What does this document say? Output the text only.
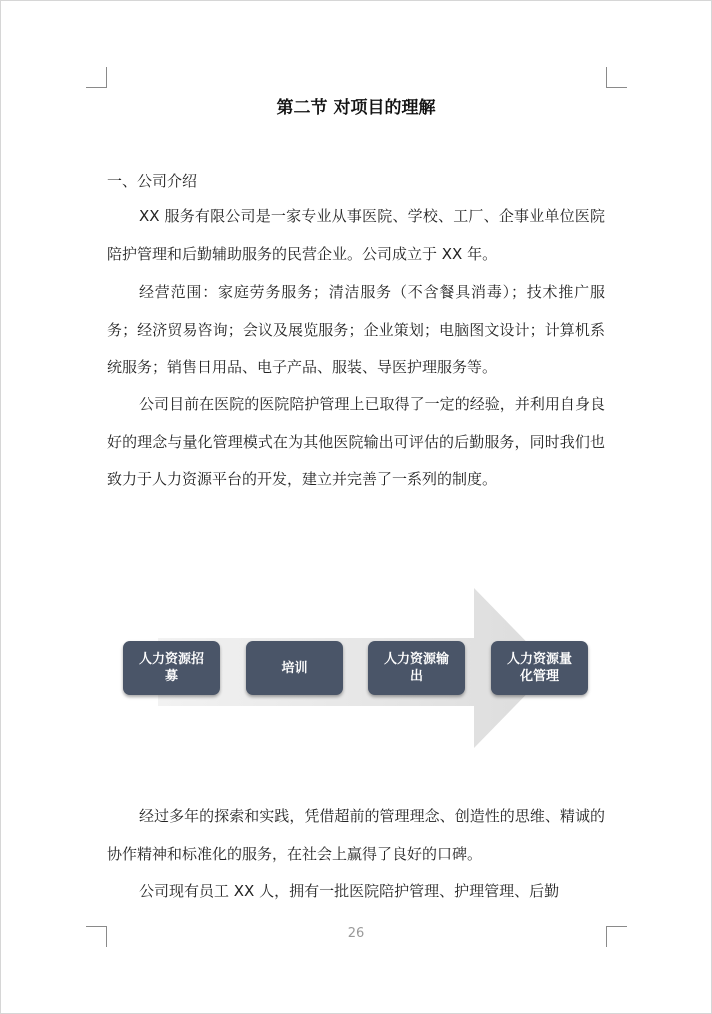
第二节 对项目的理解
一、公司介绍

XX 服务有限公司是一家专业从事医院、学校、工厂、企事业单位医院陪护管理和后勤辅助服务的民营企业。公司成立于 XX 年。

经营范围：家庭劳务服务；清洁服务（不含餐具消毒）；技术推广服务；经济贸易咨询；会议及展览服务；企业策划；电脑图文设计；计算机系统服务；销售日用品、电子产品、服装、导医护理服务等。

公司目前在医院的医院陪护管理上已取得了一定的经验，并利用自身良好的理念与量化管理模式在为其他医院输出可评估的后勤服务，同时我们也致力于人力资源平台的开发，建立并完善了一系列的制度。

人力资源招募
培训
人力资源输出
人力资源量化管理

经过多年的探索和实践，凭借超前的管理理念、创造性的思维、精诚的协作精神和标准化的服务，在社会上赢得了良好的口碑。

公司现有员工 XX 人，拥有一批医院陪护管理、护理管理、后勤

26
